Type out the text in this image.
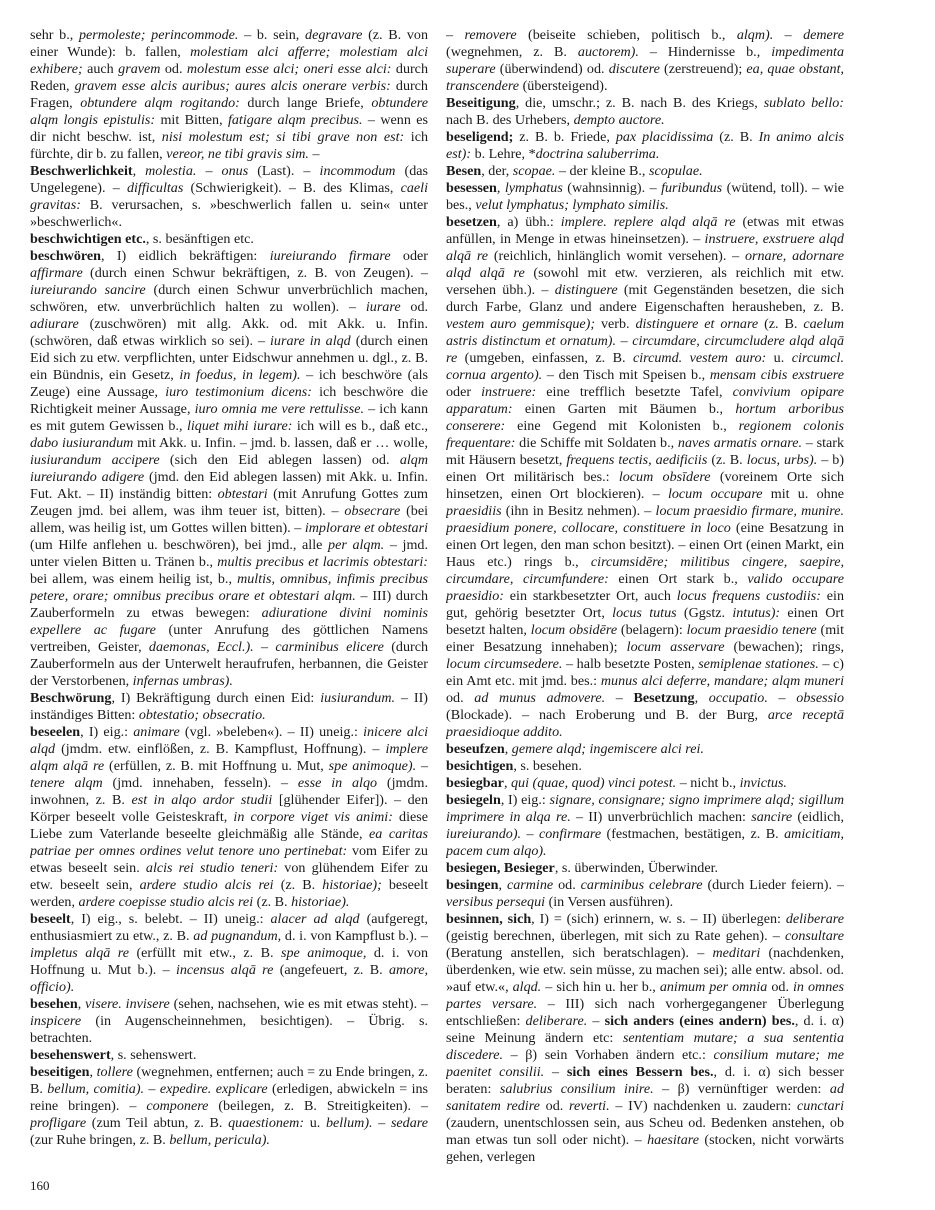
sehr b., permoleste; perincommode. – b. sein, degravare (z. B. von einer Wunde): b. fallen, molestiam alci afferre; molestiam alci exhibere; auch gravem od. molestum esse alci; oneri esse alci: durch Reden, gravem esse alcis auribus; aures alcis onerare verbis: durch Fragen, obtundere alqm rogitando: durch lange Briefe, obtundere alqm longis epistulis: mit Bitten, fatigare alqm precibus. – wenn es dir nicht beschw. ist, nisi molestum est; si tibi grave non est: ich fürchte, dir b. zu fallen, vereor, ne tibi gravis sim. –

Beschwerlichkeit, molestia. – onus (Last). – incommodum (das Ungelegene). – difficultas (Schwierigkeit). – B. des Klimas, caeli gravitas: B. verursachen, s. »beschwerlich fallen u. sein« unter »beschwerlich«.

beschwichtigen etc., s. besänftigen etc.

beschwören, I) eidlich bekräftigen: iureiurando firmare oder affirmare (durch einen Schwur bekräftigen, z. B. von Zeugen). – iureiurando sancire (durch einen Schwur unverbrüchlich machen, schwören, etw. unverbrüchlich halten zu wollen). – iurare od. adiurare (zuschwören) mit allg. Akk. od. mit Akk. u. Infin. (schwören, daß etwas wirklich so sei). – iurare in alqd (durch einen Eid sich zu etw. verpflichten, unter Eidschwur annehmen u. dgl., z. B. ein Bündnis, ein Gesetz, in foedus, in legem). – ich beschwöre (als Zeuge) eine Aussage, iuro testimonium dicens: ich beschwöre die Richtigkeit meiner Aussage, iuro omnia me vere rettulisse. – ich kann es mit gutem Gewissen b., liquet mihi iurare: ich will es b., daß etc., dabo iusiurandum mit Akk. u. Infin. – jmd. b. lassen, daß er … wolle, iusiurandum accipere (sich den Eid ablegen lassen) od. alqm iureiurando adigere (jmd. den Eid ablegen lassen) mit Akk. u. Infin. Fut. Akt. – II) inständig bitten: obtestari (mit Anrufung Gottes zum Zeugen jmd. bei allem, was ihm teuer ist, bitten). – obsecrare (bei allem, was heilig ist, um Gottes willen bitten). – implorare et obtestari (um Hilfe anflehen u. beschwören), bei jmd., alle per alqm. – jmd. unter vielen Bitten u. Tränen b., multis precibus et lacrimis obtestari: bei allem, was einem heilig ist, b., multis, omnibus, infimis precibus petere, orare; omnibus precibus orare et obtestari alqm. – III) durch Zauberformeln zu etwas bewegen: adiuratione divini nominis expellere ac fugare (unter Anrufung des göttlichen Namens vertreiben, Geister, daemonas, Eccl.). – carminibus elicere (durch Zauberformeln aus der Unterwelt heraufrufen, herbannen, die Geister der Verstorbenen, infernas umbras).

Beschwörung, I) Bekräftigung durch einen Eid: iusiurandum. – II) inständiges Bitten: obtestatio; obsecratio.

beseelen, I) eig.: animare (vgl. »beleben«). – II) uneig.: inicere alci alqd (jmdm. etw. einflößen, z. B. Kampflust, Hoffnung). – implere alqm alqā re (erfüllen, z. B. mit Hoffnung u. Mut, spe animoque). – tenere alqm (jmd. innehaben, fesseln). – esse in alqo (jmdm. inwohnen, z. B. est in alqo ardor studii [glühender Eifer]). – den Körper beseelt volle Geisteskraft, in corpore viget vis animi: diese Liebe zum Vaterlande beseelte gleichmäßig alle Stände, ea caritas patriae per omnes ordines velut tenore uno pertinebat: vom Eifer zu etwas beseelt sein. alcis rei studio teneri: von glühendem Eifer zu etw. beseelt sein, ardere studio alcis rei (z. B. historiae); beseelt werden, ardere coepisse studio alcis rei (z. B. historiae).

beseelt, I) eig., s. belebt. – II) uneig.: alacer ad alqd (aufgeregt, enthusiasmiert zu etw., z. B. ad pugnandum, d. i. von Kampflust b.). – impletus alqā re (erfüllt mit etw., z. B. spe animoque, d. i. von Hoffnung u. Mut b.). – incensus alqā re (angefeuert, z. B. amore, officio).

besehen, visere. invisere (sehen, nachsehen, wie es mit etwas steht). – inspicere (in Augenscheinnehmen, besichtigen). – Übrig. s. betrachten.

besehenswert, s. sehenswert.

beseitigen, tollere (wegnehmen, entfernen; auch = zu Ende bringen, z. B. bellum, comitia). – expedire. explicare (erledigen, abwickeln = ins reine bringen). – componere (beilegen, z. B. Streitigkeiten). – profligare (zum Teil abtun, z. B. quaestionem: u. bellum). – sedare (zur Ruhe bringen, z. B. bellum, pericula).

– removere (beiseite schieben, politisch b., alqm). – demere (wegnehmen, z. B. auctorem). – Hindernisse b., impedimenta superare (überwindend) od. discutere (zerstreuend); ea, quae obstant, transcendere (übersteigend).

Beseitigung, die, umschr.; z. B. nach B. des Kriegs, sublato bello: nach B. des Urhebers, dempto auctore.

beseligend; z. B. b. Friede, pax placidissima (z. B. In animo alcis est): b. Lehre, *doctrina saluberrima.

Besen, der, scopae. – der kleine B., scopulae.

besessen, lymphatus (wahnsinnig). – furibundus (wütend, toll). – wie bes., velut lymphatus; lymphato similis.

besetzen, a) übh.: implere. replere alqd alqā re (etwas mit etwas anfüllen, in Menge in etwas hineinsetzen). – instruere, exstruere alqd alqā re (reichlich, hinlänglich womit versehen). – ornare, adornare alqd alqā re (sowohl mit etw. verzieren, als reichlich mit etw. versehen übh.). – distinguere (mit Gegenständen besetzen, die sich durch Farbe, Glanz und andere Eigenschaften herausheben, z. B. vestem auro gemmisque); verb. distinguere et ornare (z. B. caelum astris distinctum et ornatum). – circumdare, circumcludere alqd alqā re (umgeben, einfassen, z. B. circumd. vestem auro: u. circumcl. cornua argento). – den Tisch mit Speisen b., mensam cibis exstruere oder instruere: eine trefflich besetzte Tafel, convivium opipare apparatum: einen Garten mit Bäumen b., hortum arboribus conserere: eine Gegend mit Kolonisten b., regionem colonis frequentare: die Schiffe mit Soldaten b., naves armatis ornare. – stark mit Häusern besetzt, frequens tectis, aedificiis (z. B. locus, urbs). – b) einen Ort militärisch bes.: locum obsīdere (voreinem Orte sich hinsetzen, einen Ort blockieren). – locum occupare mit u. ohne praesidiis (ihn in Besitz nehmen). – locum praesidio firmare, munire. praesidium ponere, collocare, constituere in loco (eine Besatzung in einen Ort legen, den man schon besitzt). – einen Ort (einen Markt, ein Haus etc.) rings b., circumsidēre; militibus cingere, saepire, circumdare, circumfundere: einen Ort stark b., valido occupare praesidio: ein starkbesetzter Ort, auch locus frequens custodiis: ein gut, gehörig besetzter Ort, locus tutus (Ggstz. intutus): einen Ort besetzt halten, locum obsidēre (belagern): locum praesidio tenere (mit einer Besatzung innehaben); locum asservare (bewachen); rings, locum circumsedere. – halb besetzte Posten, semiplenae stationes. – c) ein Amt etc. mit jmd. bes.: munus alci deferre, mandare; alqm muneri od. ad munus admovere. – Besetzung, occupatio. – obsessio (Blockade). – nach Eroberung und B. der Burg, arce receptā praesidioque addito.

beseufzen, gemere alqd; ingemiscere alci rei.

besichtigen, s. besehen.

besiegbar, qui (quae, quod) vinci potest. – nicht b., invictus.

besiegeln, I) eig.: signare, consignare; signo imprimere alqd; sigillum imprimere in alqa re. – II) unverbrüchlich machen: sancire (eidlich, iureiurando). – confirmare (festmachen, bestätigen, z. B. amicitiam, pacem cum alqo).

besiegen, Besieger, s. überwinden, Überwinder.

besingen, carmine od. carminibus celebrare (durch Lieder feiern). – versibus persequi (in Versen ausführen).

besinnen, sich, I) = (sich) erinnern, w. s. – II) überlegen: deliberare (geistig berechnen, überlegen, mit sich zu Rate gehen). – consultare (Beratung anstellen, sich beratschlagen). – meditari (nachdenken, überdenken, wie etw. sein müsse, zu machen sei); alle entw. absol. od. »auf etw.«, alqd. – sich hin u. her b., animum per omnia od. in omnes partes versare. – III) sich nach vorhergegangener Überlegung entschließen: deliberare. – sich anders (eines andern) bes., d. i. α) seine Meinung ändern etc: sententiam mutare; a sua sententia discedere. – β) sein Vorhaben ändern etc.: consilium mutare; me paenitet consilii. – sich eines Bessern bes., d. i. α) sich besser beraten: salubrius consilium inire. – β) vernünftiger werden: ad sanitatem redire od. reverti. – IV) nachdenken u. zaudern: cunctari (zaudern, unentschlossen sein, aus Scheu od. Bedenken anstehen, ob man etwas tun soll oder nicht). – haesitare (stocken, nicht vorwärts gehen, verlegen

160
